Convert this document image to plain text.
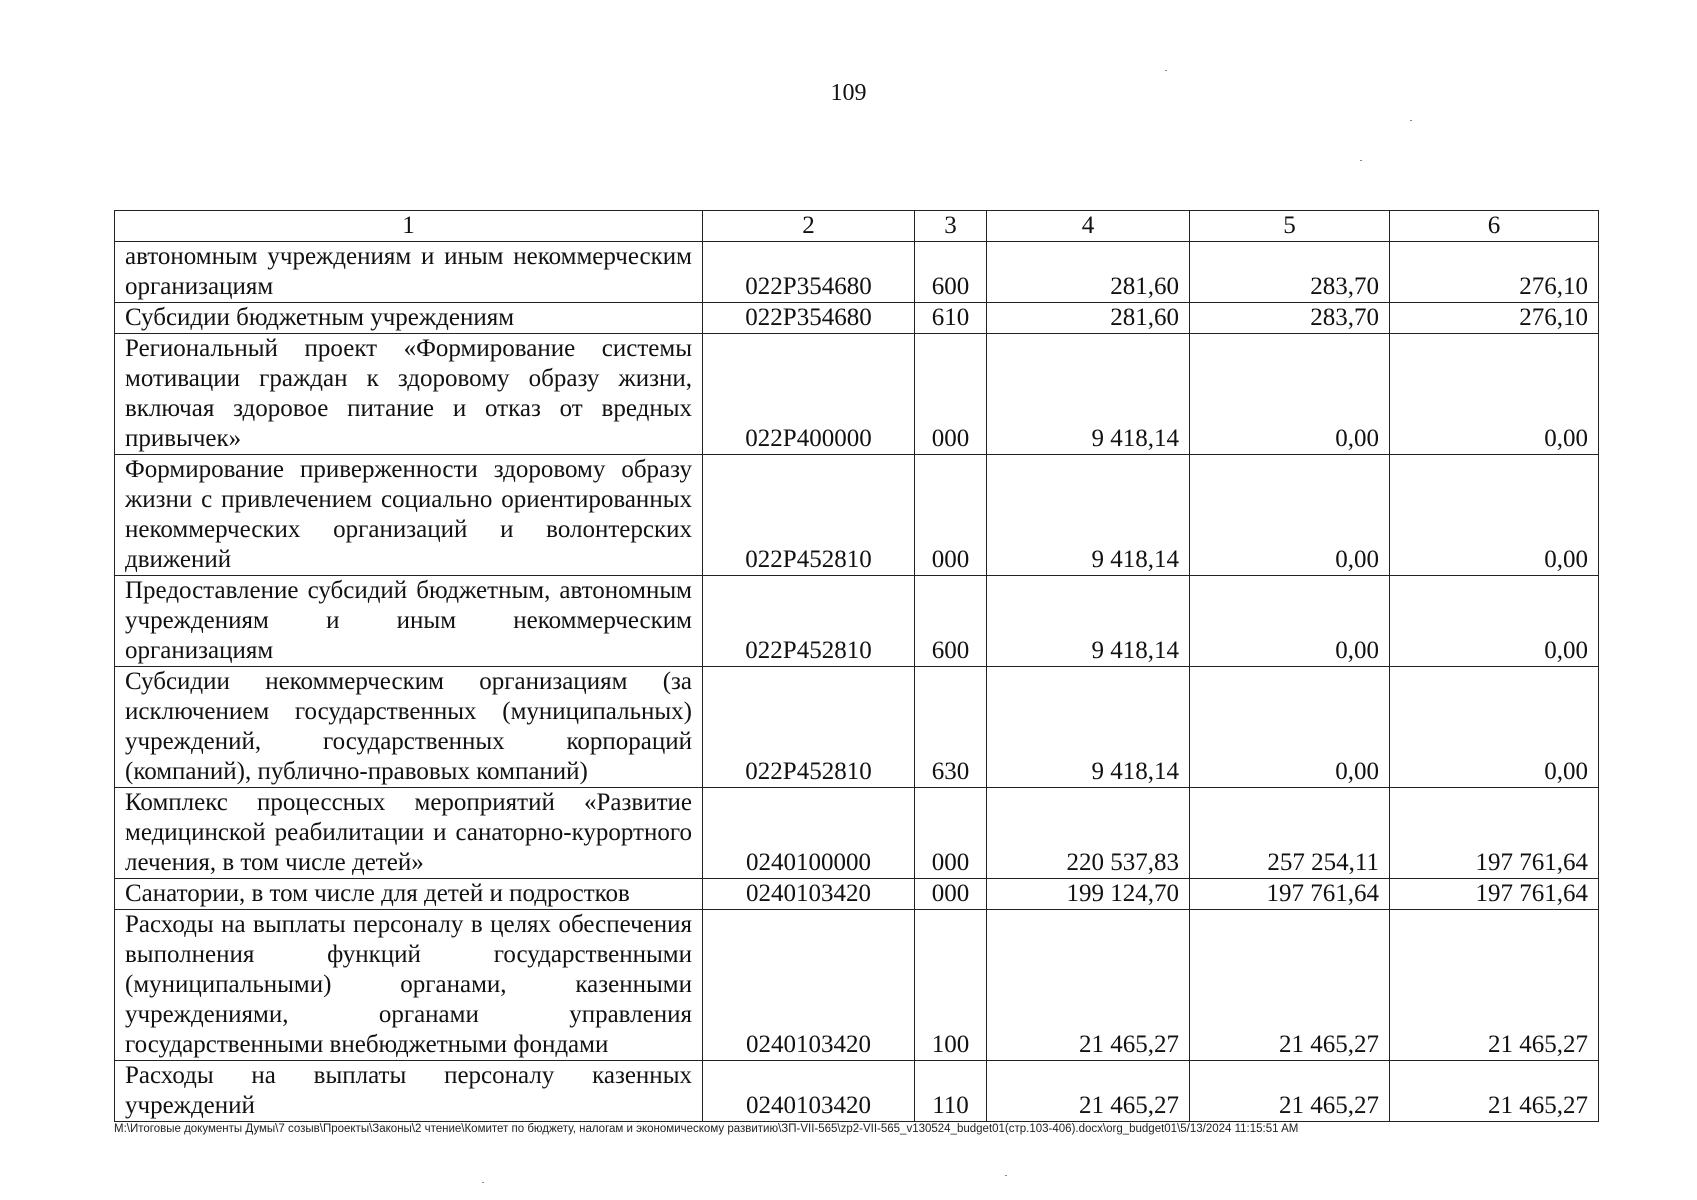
109
1	2	3	4	5	6
автономным учреждениям и иным некоммерческим организациям	022Р354680	600	281,60	283,70	276,10
Субсидии бюджетным учреждениям	022Р354680	610	281,60	283,70	276,10
Региональный проект «Формирование системы мотивации граждан к здоровому образу жизни, включая здоровое питание и отказ от вредных привычек»	022Р400000	000	9 418,14	0,00	0,00
Формирование приверженности здоровому образу жизни с привлечением социально ориентированных некоммерческих организаций и волонтерских движений	022Р452810	000	9 418,14	0,00	0,00
Предоставление субсидий бюджетным, автономным учреждениям и иным некоммерческим организациям	022Р452810	600	9 418,14	0,00	0,00
Субсидии некоммерческим организациям (за исключением государственных (муниципальных) учреждений, государственных корпораций (компаний), публично-правовых компаний)	022Р452810	630	9 418,14	0,00	0,00
Комплекс процессных мероприятий «Развитие медицинской реабилитации и санаторно-курортного лечения, в том числе детей»	0240100000	000	220 537,83	257 254,11	197 761,64
Санатории, в том числе для детей и подростков	0240103420	000	199 124,70	197 761,64	197 761,64
Расходы на выплаты персоналу в целях обеспечения выполнения функций государственными (муниципальными) органами, казенными учреждениями, органами управления государственными внебюджетными фондами	0240103420	100	21 465,27	21 465,27	21 465,27
Расходы на выплаты персоналу казенных учреждений	0240103420	110	21 465,27	21 465,27	21 465,27
M:\Итоговые документы Думы\7 созыв\Проекты\Законы\2 чтение\Комитет по бюджету, налогам и экономическому развитию\ЗП-VII-565\zp2-VII-565_v130524_budget01(стр.103-406).docx\org_budget01\5/13/2024 11:15:51 AM
